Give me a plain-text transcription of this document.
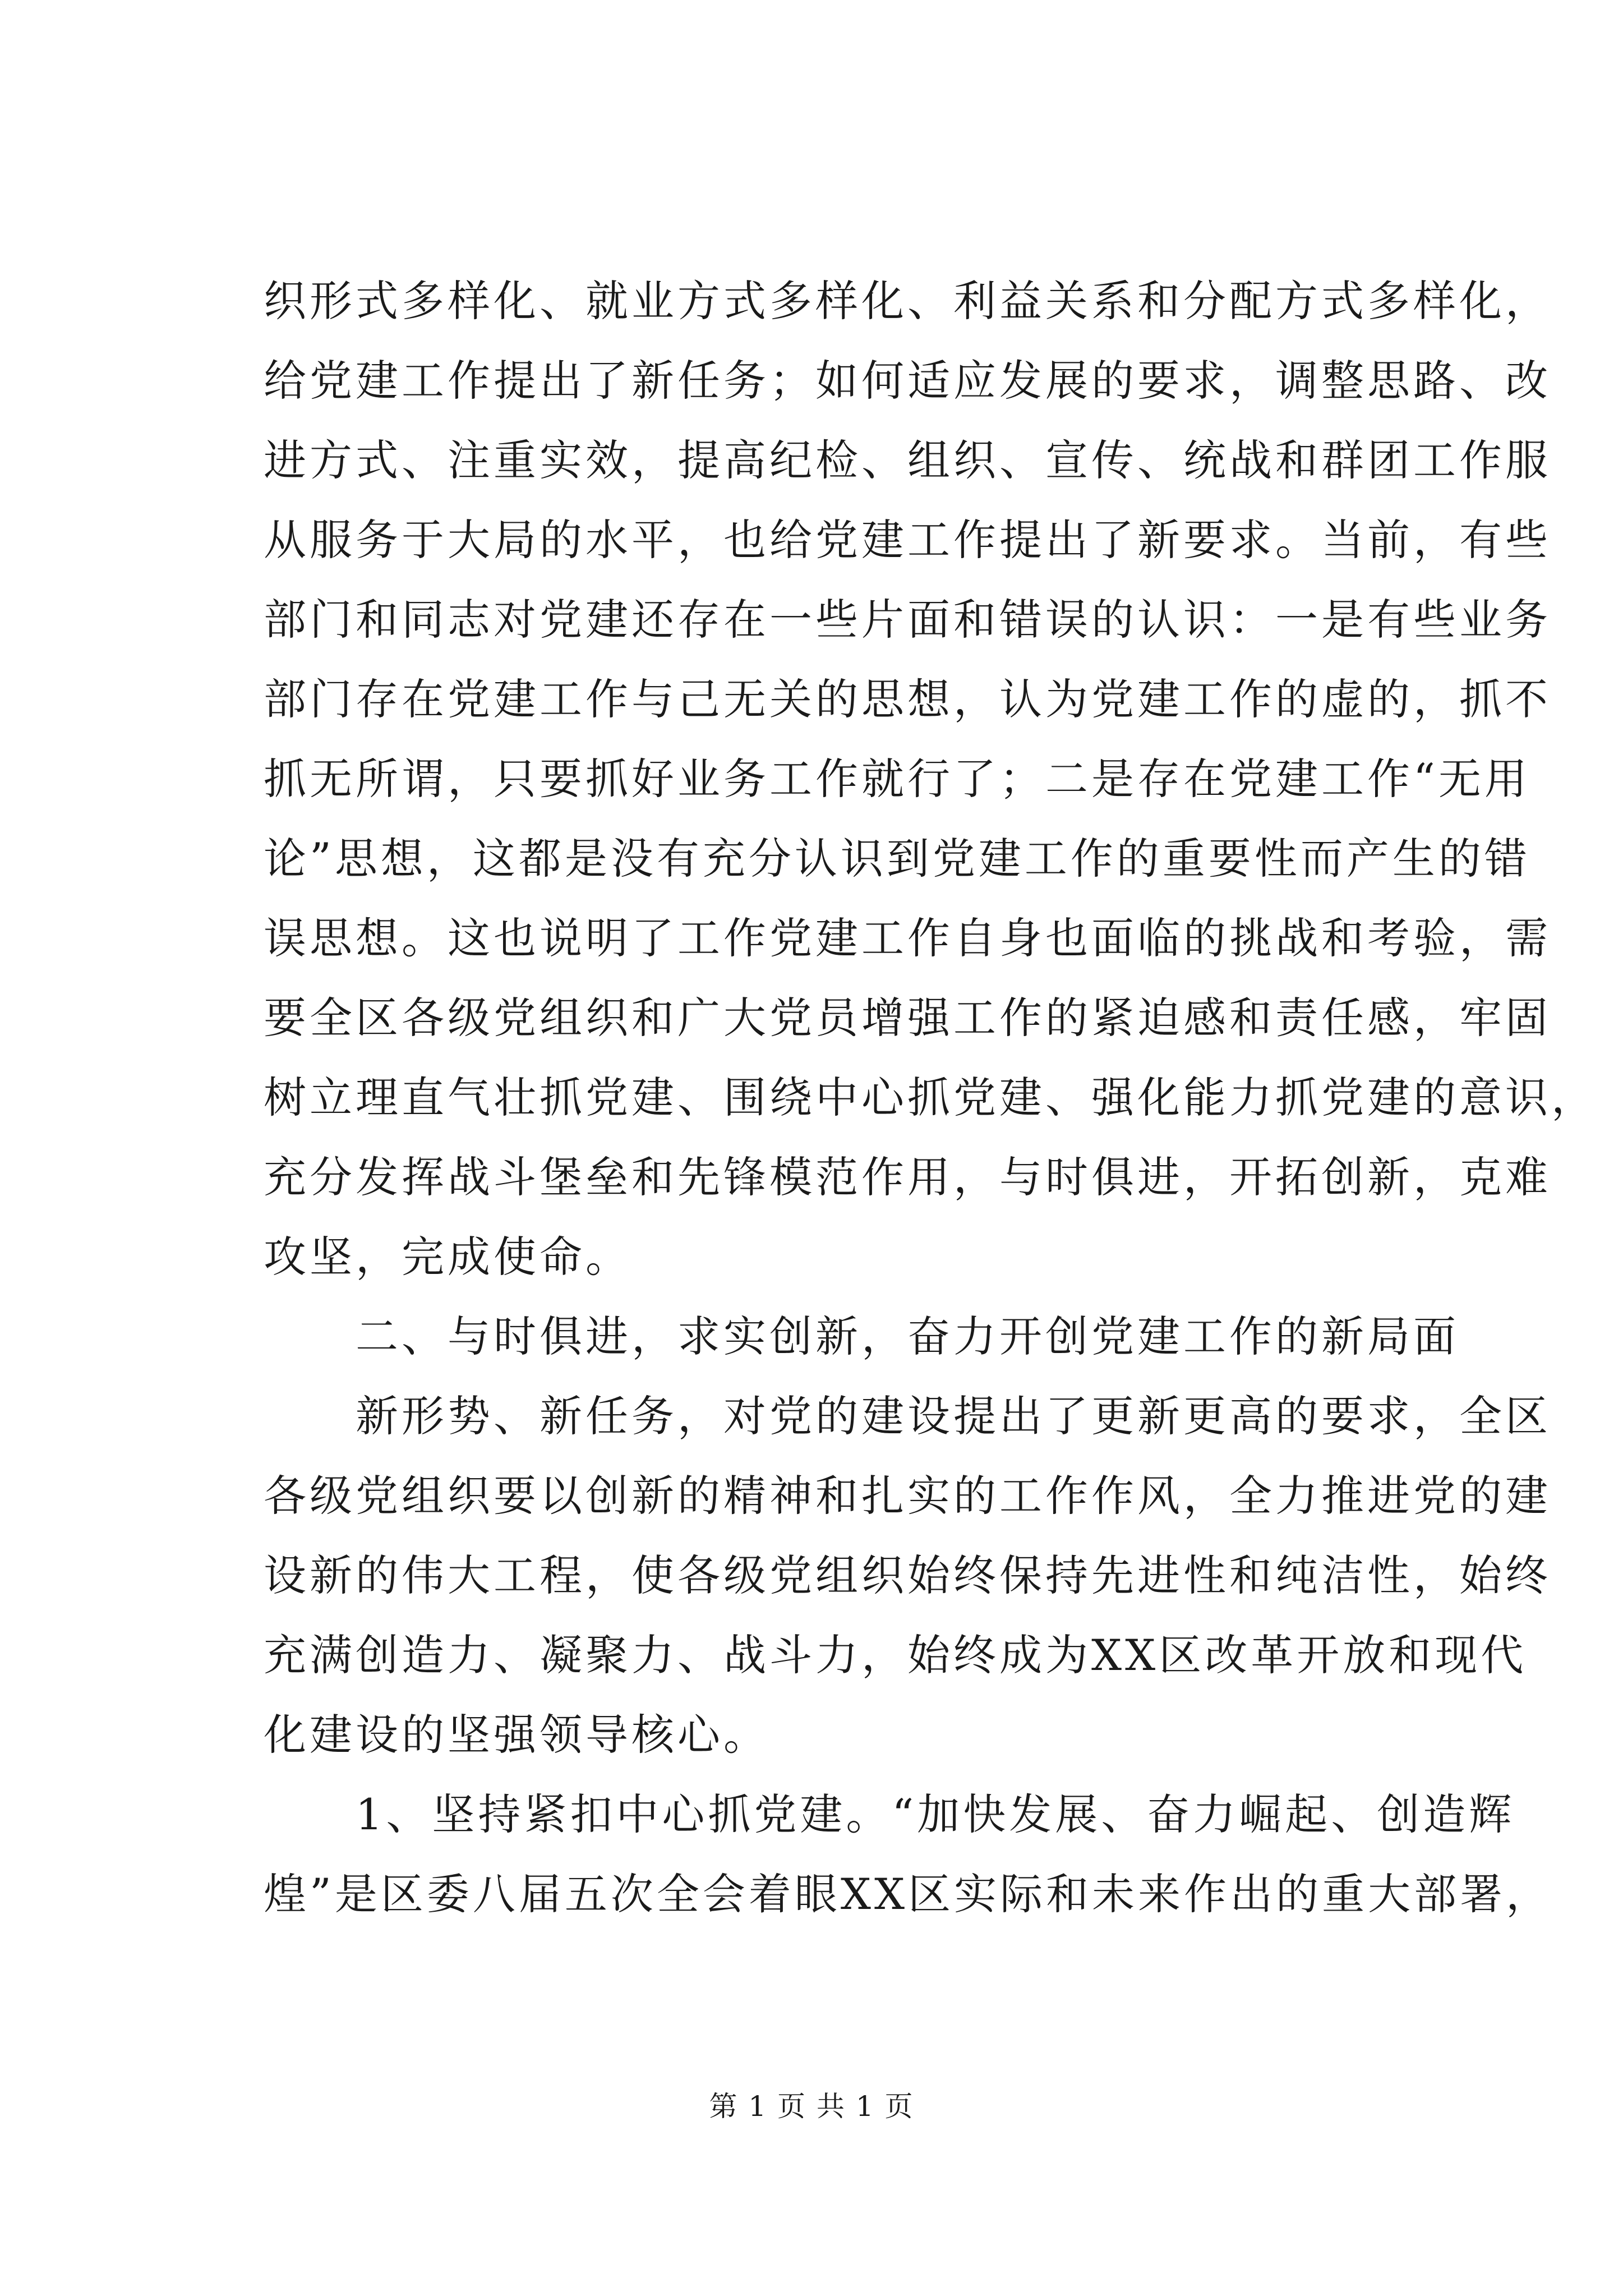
织形式多样化、就业方式多样化、利益关系和分配方式多样化，
给党建工作提出了新任务；如何适应发展的要求，调整思路、改
进方式、注重实效，提高纪检、组织、宣传、统战和群团工作服
从服务于大局的水平，也给党建工作提出了新要求。当前，有些
部门和同志对党建还存在一些片面和错误的认识：一是有些业务
部门存在党建工作与己无关的思想，认为党建工作的虚的，抓不
抓无所谓，只要抓好业务工作就行了；二是存在党建工作“无用
论”思想，这都是没有充分认识到党建工作的重要性而产生的错
误思想。这也说明了工作党建工作自身也面临的挑战和考验，需
要全区各级党组织和广大党员增强工作的紧迫感和责任感，牢固
树立理直气壮抓党建、围绕中心抓党建、强化能力抓党建的意识，
充分发挥战斗堡垒和先锋模范作用，与时俱进，开拓创新，克难
攻坚，完成使命。
二、与时俱进，求实创新，奋力开创党建工作的新局面
新形势、新任务，对党的建设提出了更新更高的要求，全区
各级党组织要以创新的精神和扎实的工作作风，全力推进党的建
设新的伟大工程，使各级党组织始终保持先进性和纯洁性，始终
充满创造力、凝聚力、战斗力，始终成为XX区改革开放和现代
化建设的坚强领导核心。
1、坚持紧扣中心抓党建。“加快发展、奋力崛起、创造辉
煌”是区委八届五次全会着眼XX区实际和未来作出的重大部署，
第 1 页 共 1 页
